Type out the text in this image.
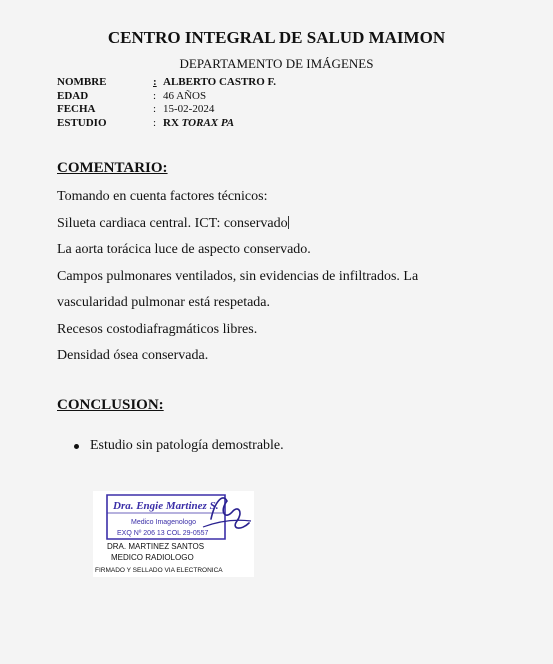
CENTRO INTEGRAL DE SALUD MAIMON
DEPARTAMENTO DE IMÁGENES
NOMBRE	: ALBERTO CASTRO F.
EDAD	: 46 AÑOS
FECHA	: 15-02-2024
ESTUDIO	: RX TORAX PA
COMENTARIO:

Tomando en cuenta factores técnicos:

Silueta cardiaca central. ICT: conservado

La aorta torácica luce de aspecto conservado.

Campos pulmonares ventilados, sin evidencias de infiltrados. La

vascularidad pulmonar está respetada.

Recesos costodiafragmáticos libres.

Densidad ósea conservada.

CONCLUSION:
Estudio sin patología demostrable.
Dra. Engie Martinez S.
Medico Imagenologo
EXQ Nº 206 13 COL 29-0557
DRA. MARTINEZ SANTOS
MEDICO RADIOLOGO
FIRMADO Y SELLADO VIA ELECTRONICA
